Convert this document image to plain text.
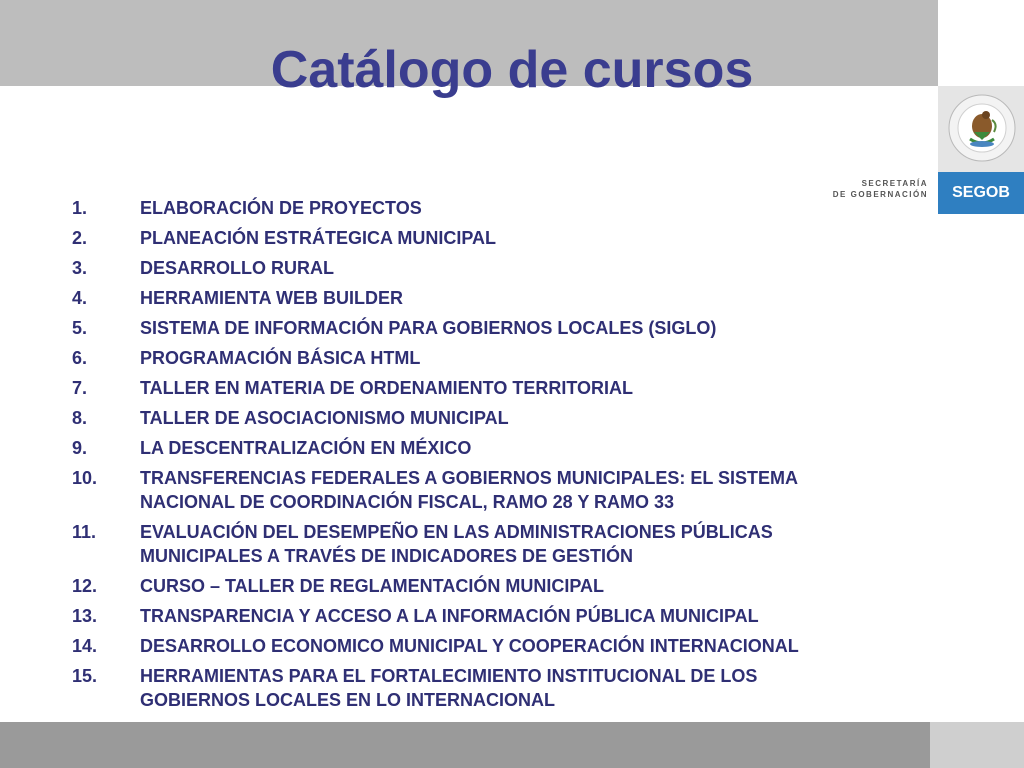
Catálogo de cursos
SECRETARÍA
DE GOBERNACIÓN	SEGOB
1.	ELABORACIÓN DE PROYECTOS
2.	PLANEACIÓN ESTRÁTEGICA MUNICIPAL
3.	DESARROLLO RURAL
4.	HERRAMIENTA WEB BUILDER
5.	SISTEMA DE INFORMACIÓN PARA GOBIERNOS LOCALES (SIGLO)
6.	PROGRAMACIÓN BÁSICA HTML
7.	TALLER EN MATERIA DE ORDENAMIENTO TERRITORIAL
8.	TALLER DE ASOCIACIONISMO MUNICIPAL
9.	LA DESCENTRALIZACIÓN EN MÉXICO
10.	TRANSFERENCIAS FEDERALES A GOBIERNOS MUNICIPALES: EL SISTEMA NACIONAL DE COORDINACIÓN FISCAL, RAMO 28 Y RAMO 33
11.	EVALUACIÓN DEL DESEMPEÑO EN LAS ADMINISTRACIONES PÚBLICAS MUNICIPALES A TRAVÉS DE INDICADORES DE GESTIÓN
12.	CURSO – TALLER DE REGLAMENTACIÓN MUNICIPAL
13.	TRANSPARENCIA Y ACCESO A LA INFORMACIÓN PÚBLICA MUNICIPAL
14.	DESARROLLO ECONOMICO MUNICIPAL Y COOPERACIÓN INTERNACIONAL
15.	HERRAMIENTAS PARA EL FORTALECIMIENTO INSTITUCIONAL DE LOS GOBIERNOS LOCALES EN LO INTERNACIONAL
